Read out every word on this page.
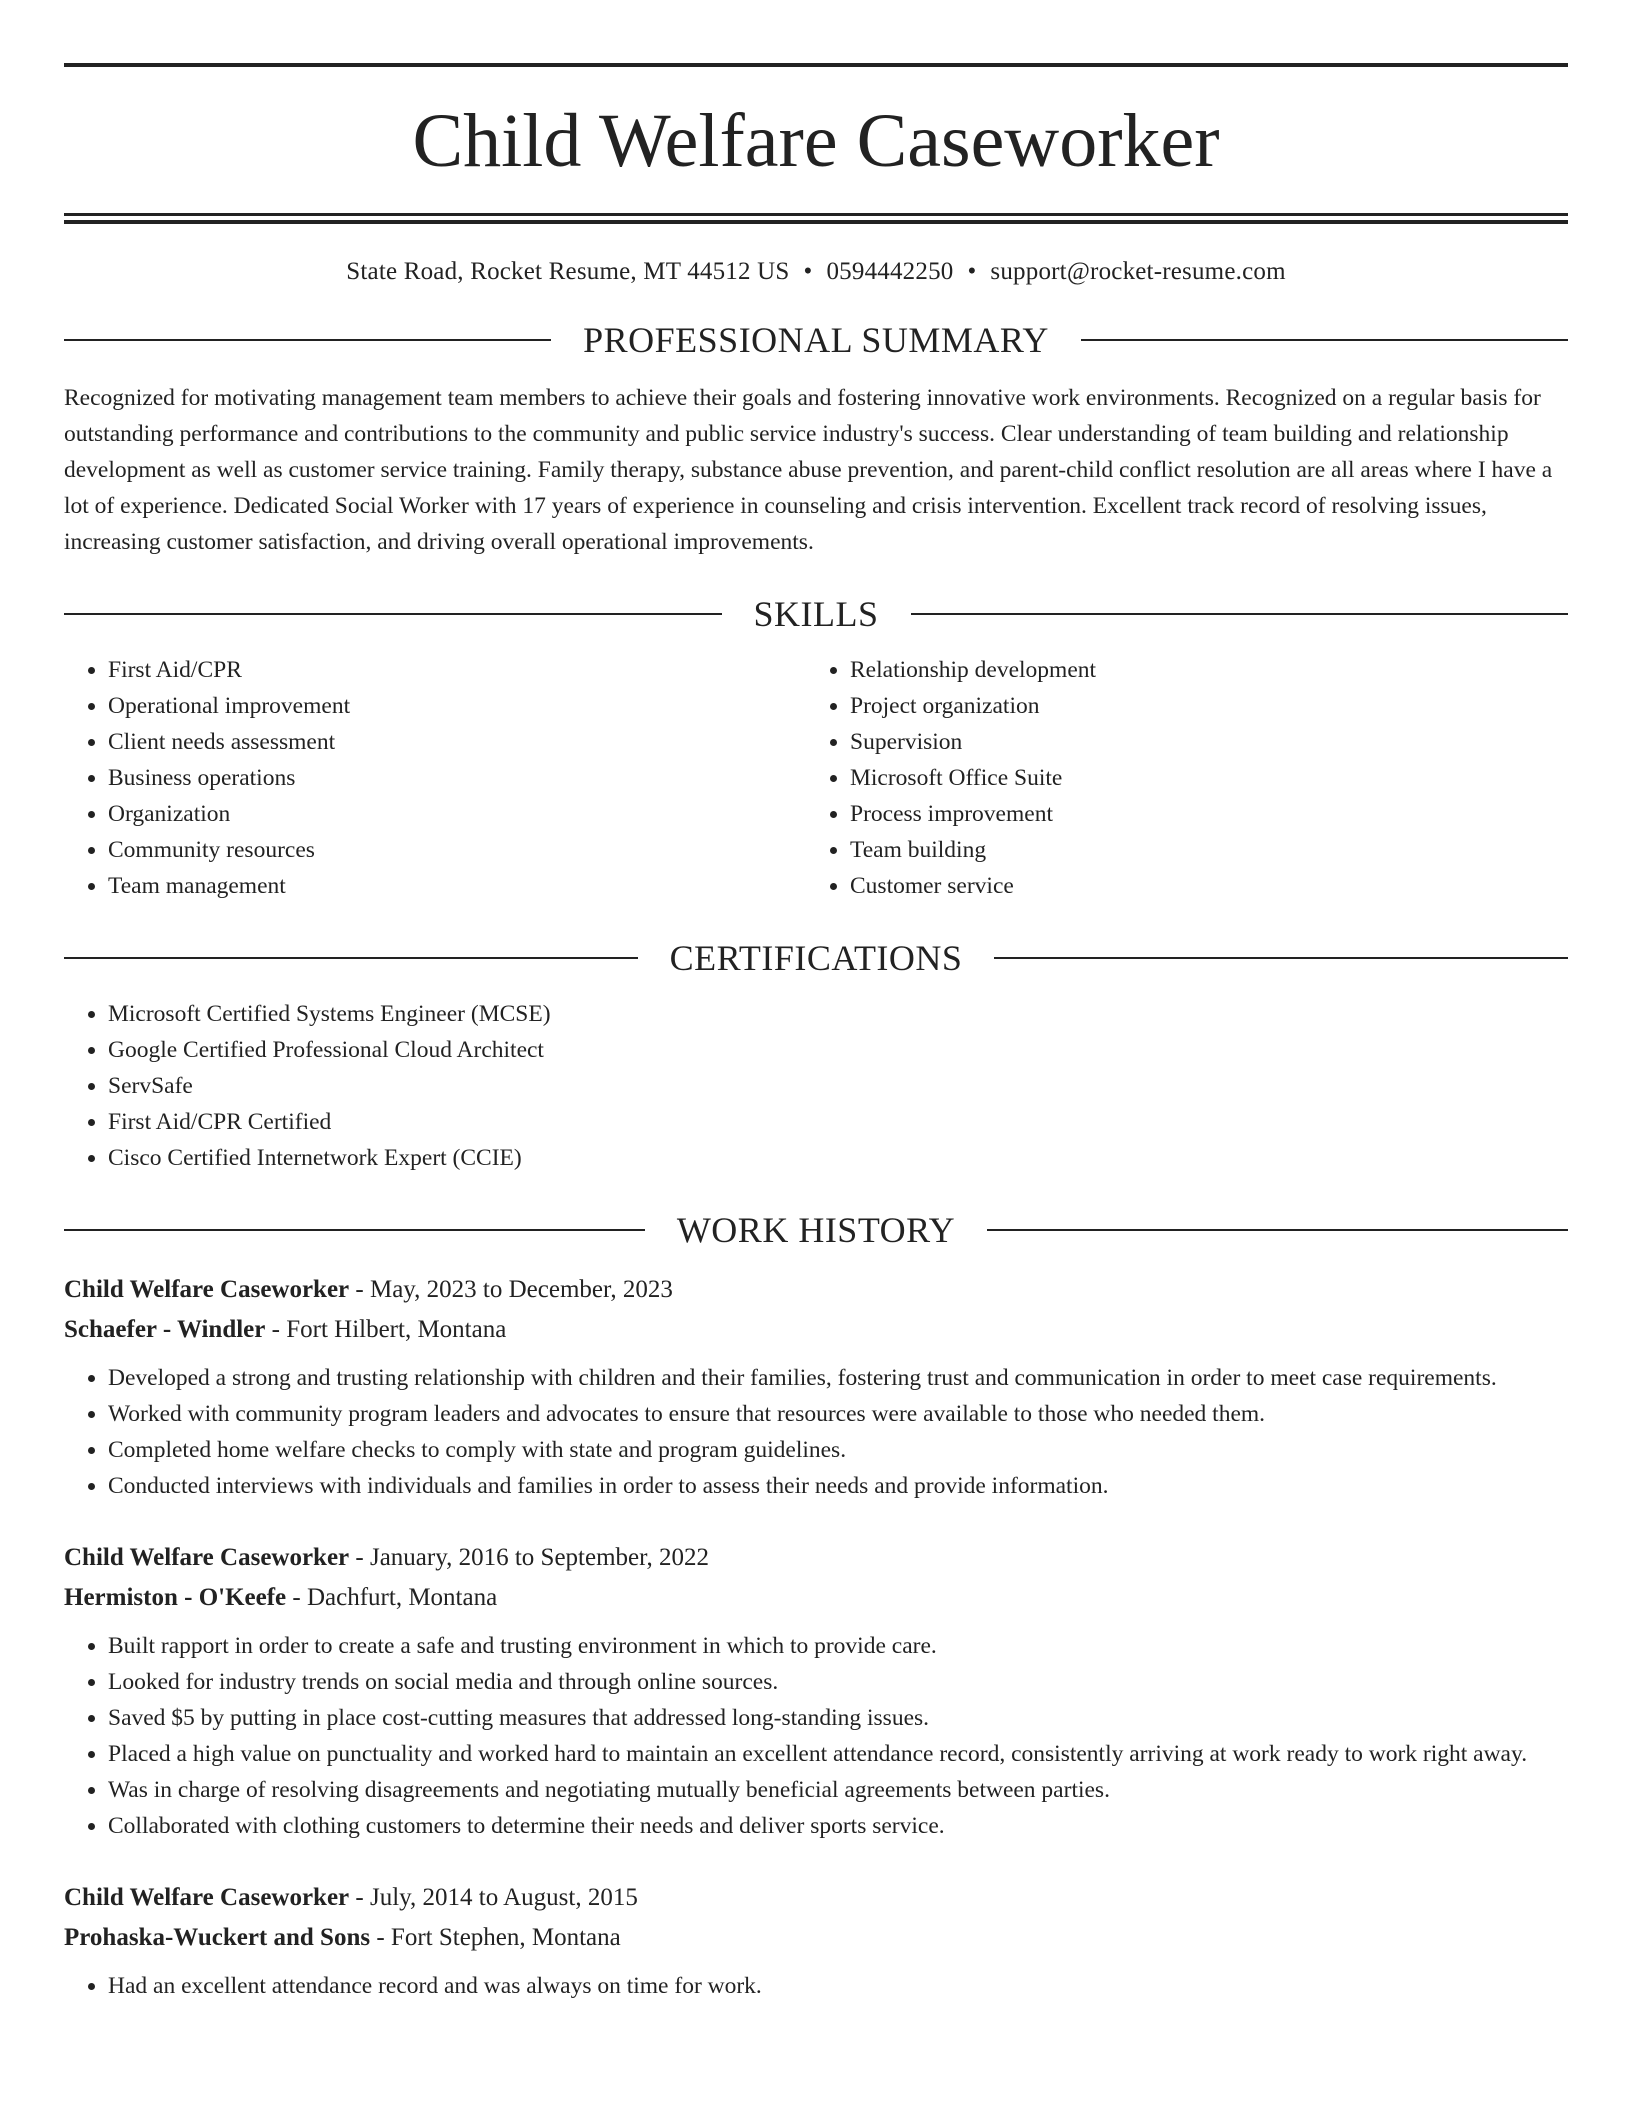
Child Welfare Caseworker
State Road, Rocket Resume, MT 44512 US • 0594442250 • support@rocket-resume.com
PROFESSIONAL SUMMARY
Recognized for motivating management team members to achieve their goals and fostering innovative work environments. Recognized on a regular basis for outstanding performance and contributions to the community and public service industry's success. Clear understanding of team building and relationship development as well as customer service training. Family therapy, substance abuse prevention, and parent-child conflict resolution are all areas where I have a lot of experience. Dedicated Social Worker with 17 years of experience in counseling and crisis intervention. Excellent track record of resolving issues, increasing customer satisfaction, and driving overall operational improvements.
SKILLS
• First Aid/CPR
• Operational improvement
• Client needs assessment
• Business operations
• Organization
• Community resources
• Team management
• Relationship development
• Project organization
• Supervision
• Microsoft Office Suite
• Process improvement
• Team building
• Customer service
CERTIFICATIONS
• Microsoft Certified Systems Engineer (MCSE)
• Google Certified Professional Cloud Architect
• ServSafe
• First Aid/CPR Certified
• Cisco Certified Internetwork Expert (CCIE)
WORK HISTORY
Child Welfare Caseworker - May, 2023 to December, 2023
Schaefer - Windler - Fort Hilbert, Montana
• Developed a strong and trusting relationship with children and their families, fostering trust and communication in order to meet case requirements.
• Worked with community program leaders and advocates to ensure that resources were available to those who needed them.
• Completed home welfare checks to comply with state and program guidelines.
• Conducted interviews with individuals and families in order to assess their needs and provide information.
Child Welfare Caseworker - January, 2016 to September, 2022
Hermiston - O'Keefe - Dachfurt, Montana
• Built rapport in order to create a safe and trusting environment in which to provide care.
• Looked for industry trends on social media and through online sources.
• Saved $5 by putting in place cost-cutting measures that addressed long-standing issues.
• Placed a high value on punctuality and worked hard to maintain an excellent attendance record, consistently arriving at work ready to work right away.
• Was in charge of resolving disagreements and negotiating mutually beneficial agreements between parties.
• Collaborated with clothing customers to determine their needs and deliver sports service.
Child Welfare Caseworker - July, 2014 to August, 2015
Prohaska-Wuckert and Sons - Fort Stephen, Montana
• Had an excellent attendance record and was always on time for work.
